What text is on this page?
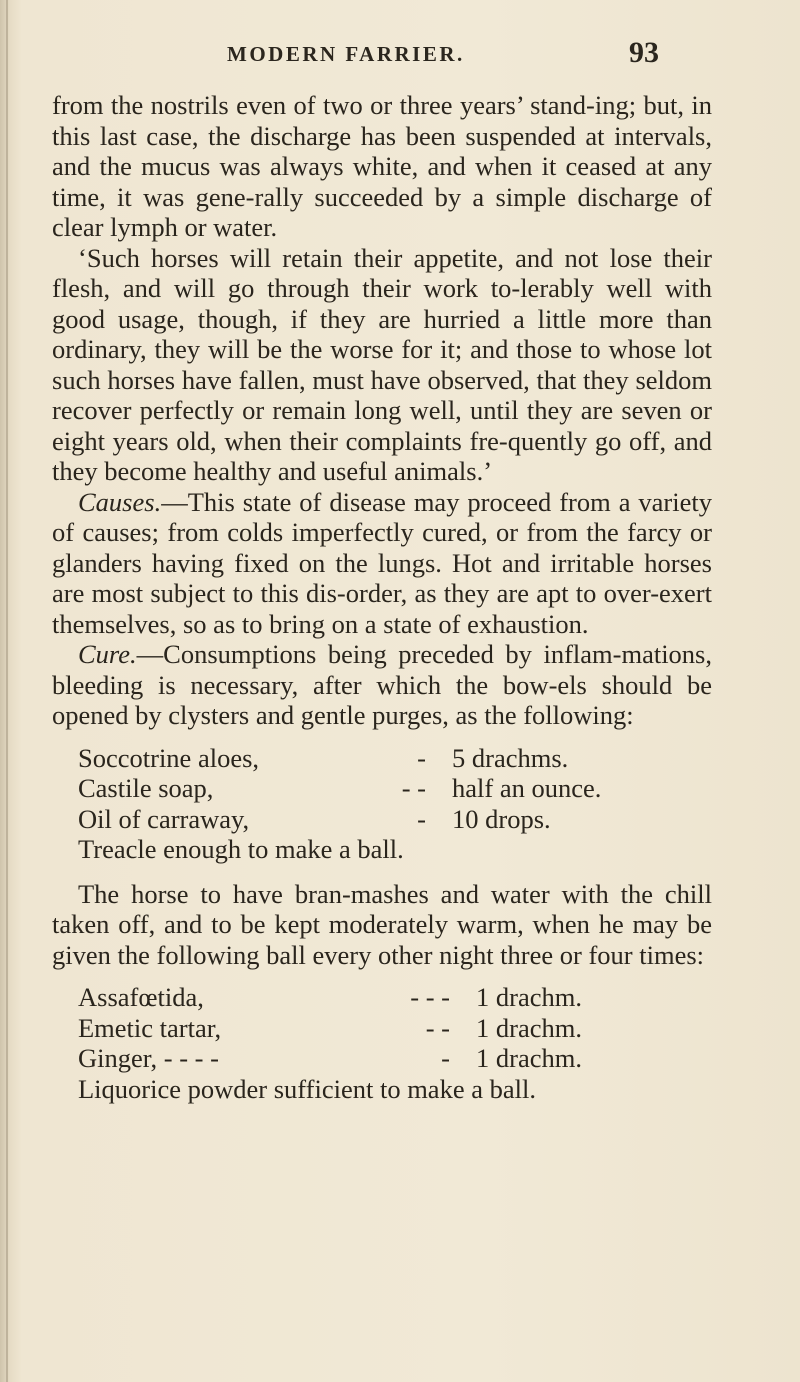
MODERN FARRIER.	93

from the nostrils even of two or three years’ stand-ing; but, in this last case, the discharge has been suspended at intervals, and the mucus was always white, and when it ceased at any time, it was gene-rally succeeded by a simple discharge of clear lymph or water.

‘Such horses will retain their appetite, and not lose their flesh, and will go through their work to-lerably well with good usage, though, if they are hurried a little more than ordinary, they will be the worse for it; and those to whose lot such horses have fallen, must have observed, that they seldom recover perfectly or remain long well, until they are seven or eight years old, when their complaints fre-quently go off, and they become healthy and useful animals.’

Causes.—This state of disease may proceed from a variety of causes; from colds imperfectly cured, or from the farcy or glanders having fixed on the lungs. Hot and irritable horses are most subject to this dis-order, as they are apt to over-exert themselves, so as to bring on a state of exhaustion.

Cure.—Consumptions being preceded by inflam-mations, bleeding is necessary, after which the bow-els should be opened by clysters and gentle purges, as the following:

Soccotrine aloes,	- 5 drachms.
Castile soap,	- - half an ounce.
Oil of carraway,	- 10 drops.
Treacle enough to make a ball.

The horse to have bran-mashes and water with the chill taken off, and to be kept moderately warm, when he may be given the following ball every other night three or four times:

Assafœtida,	- - - 1 drachm.
Emetic tartar,	- - 1 drachm.
Ginger, - - - -	- 1 drachm.
Liquorice powder sufficient to make a ball.
